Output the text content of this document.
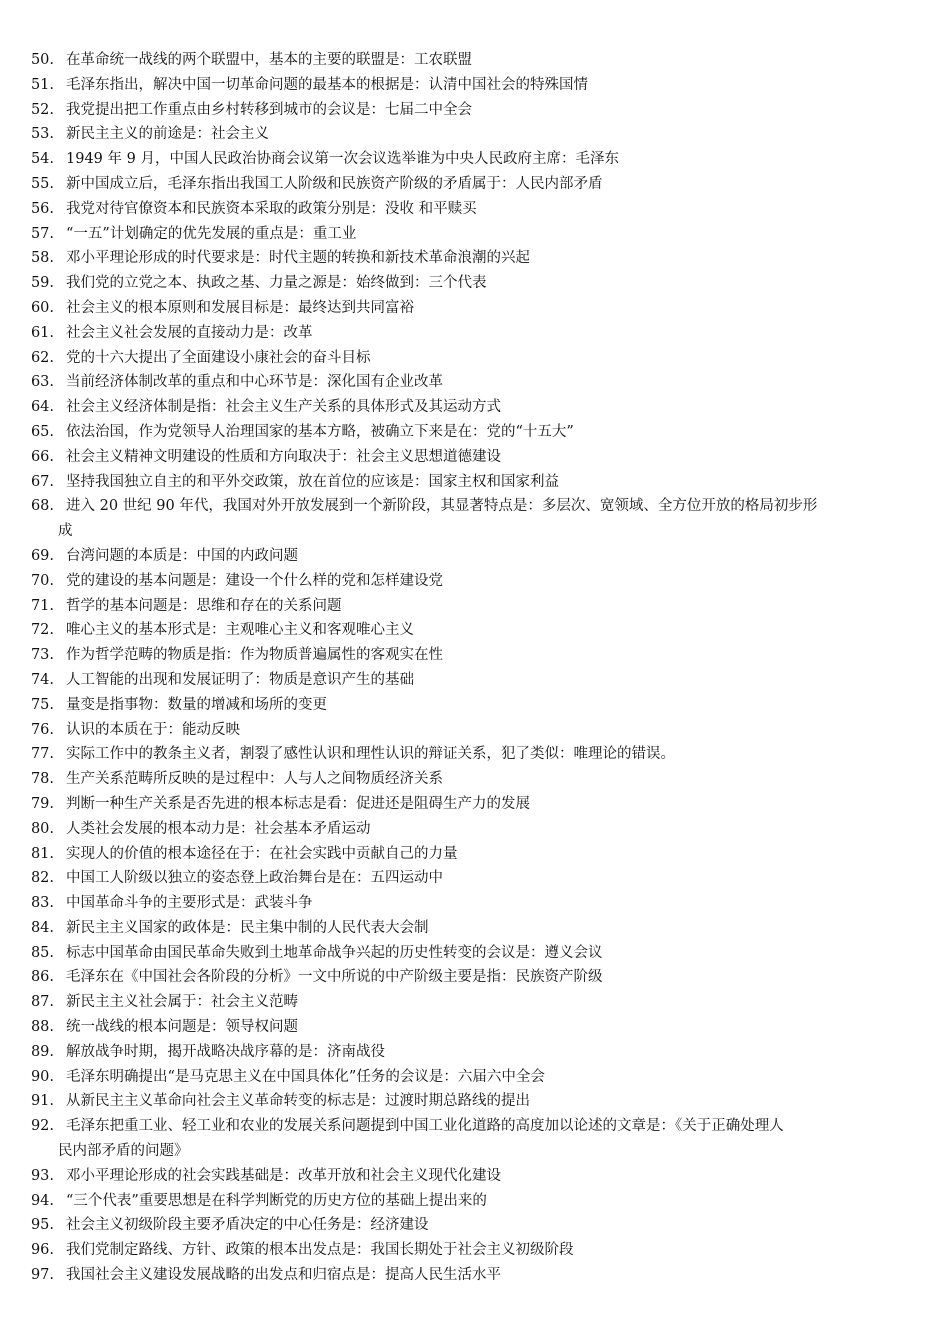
50. 在革命统一战线的两个联盟中，基本的主要的联盟是：工农联盟
51. 毛泽东指出，解决中国一切革命问题的最基本的根据是：认清中国社会的特殊国情
52. 我党提出把工作重点由乡村转移到城市的会议是：七届二中全会
53. 新民主主义的前途是：社会主义
54. 1949 年 9 月，中国人民政治协商会议第一次会议选举谁为中央人民政府主席：毛泽东
55. 新中国成立后，毛泽东指出我国工人阶级和民族资产阶级的矛盾属于：人民内部矛盾
56. 我党对待官僚资本和民族资本采取的政策分别是：没收 和平赎买
57. “一五”计划确定的优先发展的重点是：重工业
58. 邓小平理论形成的时代要求是：时代主题的转换和新技术革命浪潮的兴起
59. 我们党的立党之本、执政之基、力量之源是：始终做到：三个代表
60. 社会主义的根本原则和发展目标是：最终达到共同富裕
61. 社会主义社会发展的直接动力是：改革
62. 党的十六大提出了全面建设小康社会的奋斗目标
63. 当前经济体制改革的重点和中心环节是：深化国有企业改革
64. 社会主义经济体制是指：社会主义生产关系的具体形式及其运动方式
65. 依法治国，作为党领导人治理国家的基本方略，被确立下来是在：党的“十五大”
66. 社会主义精神文明建设的性质和方向取决于：社会主义思想道德建设
67. 坚持我国独立自主的和平外交政策，放在首位的应该是：国家主权和国家利益
68. 进入 20 世纪 90 年代，我国对外开放发展到一个新阶段，其显著特点是：多层次、宽领域、全方位开放的格局初步形
成
69. 台湾问题的本质是：中国的内政问题
70. 党的建设的基本问题是：建设一个什么样的党和怎样建设党
71. 哲学的基本问题是：思维和存在的关系问题
72. 唯心主义的基本形式是：主观唯心主义和客观唯心主义
73. 作为哲学范畴的物质是指：作为物质普遍属性的客观实在性
74. 人工智能的出现和发展证明了：物质是意识产生的基础
75. 量变是指事物：数量的增减和场所的变更
76. 认识的本质在于：能动反映
77. 实际工作中的教条主义者，割裂了感性认识和理性认识的辩证关系，犯了类似：唯理论的错误。
78. 生产关系范畴所反映的是过程中：人与人之间物质经济关系
79. 判断一种生产关系是否先进的根本标志是看：促进还是阻碍生产力的发展
80. 人类社会发展的根本动力是：社会基本矛盾运动
81. 实现人的价值的根本途径在于：在社会实践中贡献自己的力量
82. 中国工人阶级以独立的姿态登上政治舞台是在：五四运动中
83. 中国革命斗争的主要形式是：武装斗争
84. 新民主主义国家的政体是：民主集中制的人民代表大会制
85. 标志中国革命由国民革命失败到土地革命战争兴起的历史性转变的会议是：遵义会议
86. 毛泽东在《中国社会各阶段的分析》一文中所说的中产阶级主要是指：民族资产阶级
87. 新民主主义社会属于：社会主义范畴
88. 统一战线的根本问题是：领导权问题
89. 解放战争时期，揭开战略决战序幕的是：济南战役
90. 毛泽东明确提出“是马克思主义在中国具体化”任务的会议是：六届六中全会
91. 从新民主主义革命向社会主义革命转变的标志是：过渡时期总路线的提出
92. 毛泽东把重工业、轻工业和农业的发展关系问题提到中国工业化道路的高度加以论述的文章是：《关于正确处理人
民内部矛盾的问题》
93. 邓小平理论形成的社会实践基础是：改革开放和社会主义现代化建设
94. “三个代表”重要思想是在科学判断党的历史方位的基础上提出来的
95. 社会主义初级阶段主要矛盾决定的中心任务是：经济建设
96. 我们党制定路线、方针、政策的根本出发点是：我国长期处于社会主义初级阶段
97. 我国社会主义建设发展战略的出发点和归宿点是：提高人民生活水平
